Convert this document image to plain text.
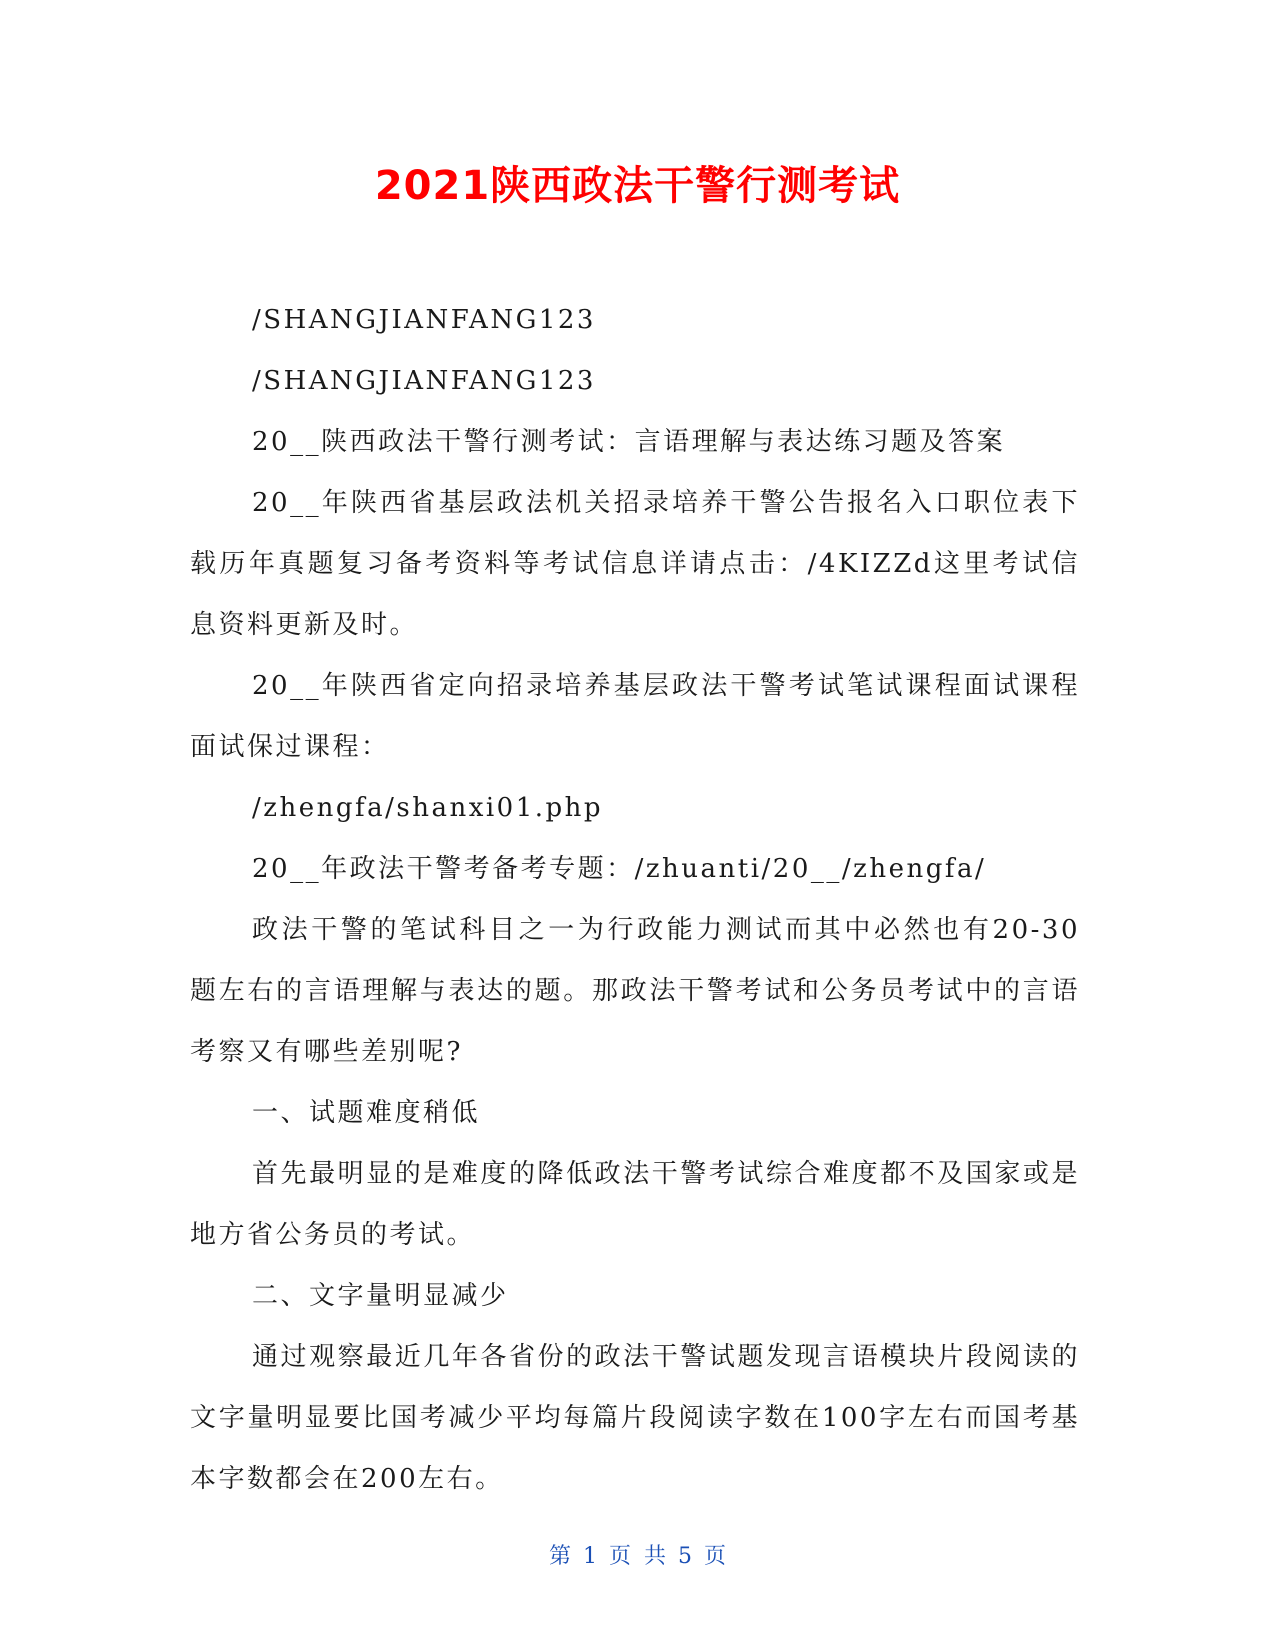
2021陕西政法干警行测考试

/SHANGJIANFANG123

/SHANGJIANFANG123

20__陕西政法干警行测考试：言语理解与表达练习题及答案

20__年陕西省基层政法机关招录培养干警公告报名入口职位表下载历年真题复习备考资料等考试信息详请点击：/4KIZZd这里考试信息资料更新及时。

20__年陕西省定向招录培养基层政法干警考试笔试课程面试课程面试保过课程：

/zhengfa/shanxi01.php

20__年政法干警考备考专题：/zhuanti/20__/zhengfa/

政法干警的笔试科目之一为行政能力测试而其中必然也有20-30题左右的言语理解与表达的题。那政法干警考试和公务员考试中的言语考察又有哪些差别呢?

一、试题难度稍低

首先最明显的是难度的降低政法干警考试综合难度都不及国家或是地方省公务员的考试。

二、文字量明显减少

通过观察最近几年各省份的政法干警试题发现言语模块片段阅读的文字量明显要比国考减少平均每篇片段阅读字数在100字左右而国考基本字数都会在200左右。

第 1 页 共 5 页
